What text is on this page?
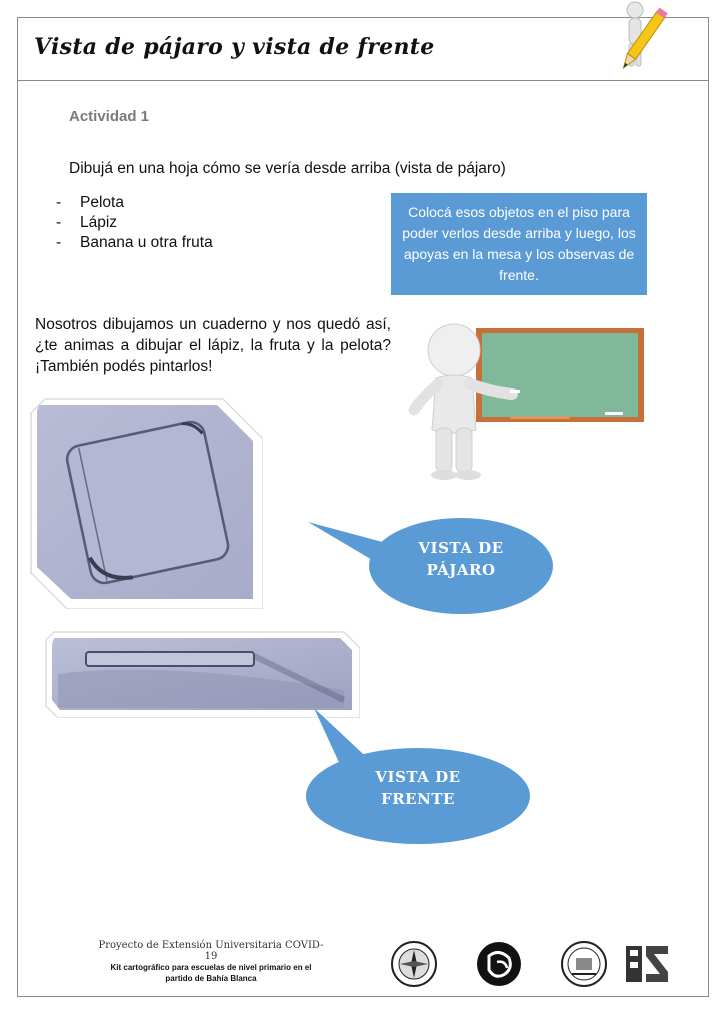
Vista de pájaro y vista de frente
Actividad 1
Dibujá en una hoja cómo se vería desde arriba (vista de pájaro)
- Pelota
- Lápiz
- Banana u otra fruta
Colocá esos objetos en el piso para poder verlos desde arriba y luego, los apoyas en la mesa y los observas de frente.
Nosotros dibujamos un cuaderno y nos quedó así, ¿te animas a dibujar el lápiz, la fruta y la pelota? ¡También podés pintarlos!
VISTA DE
PÁJARO
VISTA DE
FRENTE
Proyecto de Extensión Universitaria COVID-19
Kit cartográfico para escuelas de nivel primario en el
partido de Bahía Blanca
